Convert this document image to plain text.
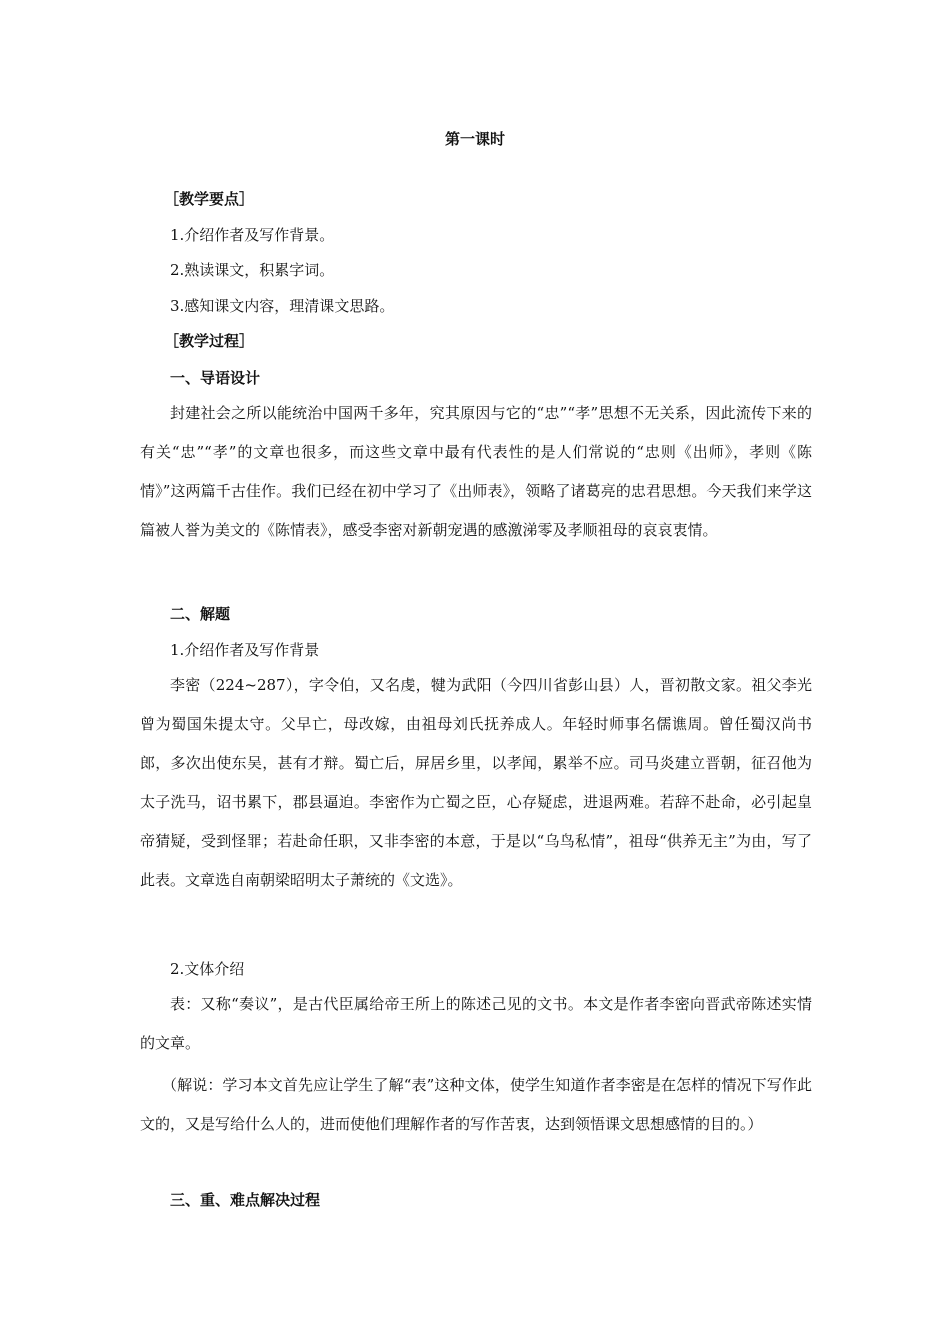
第一课时
［教学要点］
1.介绍作者及写作背景。
2.熟读课文，积累字词。
3.感知课文内容，理清课文思路。
［教学过程］
一、导语设计

封建社会之所以能统治中国两千多年，究其原因与它的“忠”“孝”思想不无关系，因此流传下来的有关“忠”“孝”的文章也很多，而这些文章中最有代表性的是人们常说的“忠则《出师》，孝则《陈情》”这两篇千古佳作。我们已经在初中学习了《出师表》，领略了诸葛亮的忠君思想。今天我们来学这篇被人誉为美文的《陈情表》，感受李密对新朝宠遇的感激涕零及孝顺祖母的哀哀衷情。

二、解题
1.介绍作者及写作背景

李密（224~287），字令伯，又名虔，犍为武阳（今四川省彭山县）人，晋初散文家。祖父李光曾为蜀国朱提太守。父早亡，母改嫁，由祖母刘氏抚养成人。年轻时师事名儒谯周。曾任蜀汉尚书郎，多次出使东吴，甚有才辩。蜀亡后，屏居乡里，以孝闻，累举不应。司马炎建立晋朝，征召他为太子洗马，诏书累下，郡县逼迫。李密作为亡蜀之臣，心存疑虑，进退两难。若辞不赴命，必引起皇帝猜疑，受到怪罪；若赴命任职，又非李密的本意，于是以“乌鸟私情”，祖母“供养无主”为由，写了此表。文章选自南朝梁昭明太子萧统的《文选》。

2.文体介绍

表：又称“奏议”，是古代臣属给帝王所上的陈述己见的文书。本文是作者李密向晋武帝陈述实情的文章。

（解说：学习本文首先应让学生了解“表”这种文体，使学生知道作者李密是在怎样的情况下写作此文的，又是写给什么人的，进而使他们理解作者的写作苦衷，达到领悟课文思想感情的目的。）

三、重、难点解决过程
